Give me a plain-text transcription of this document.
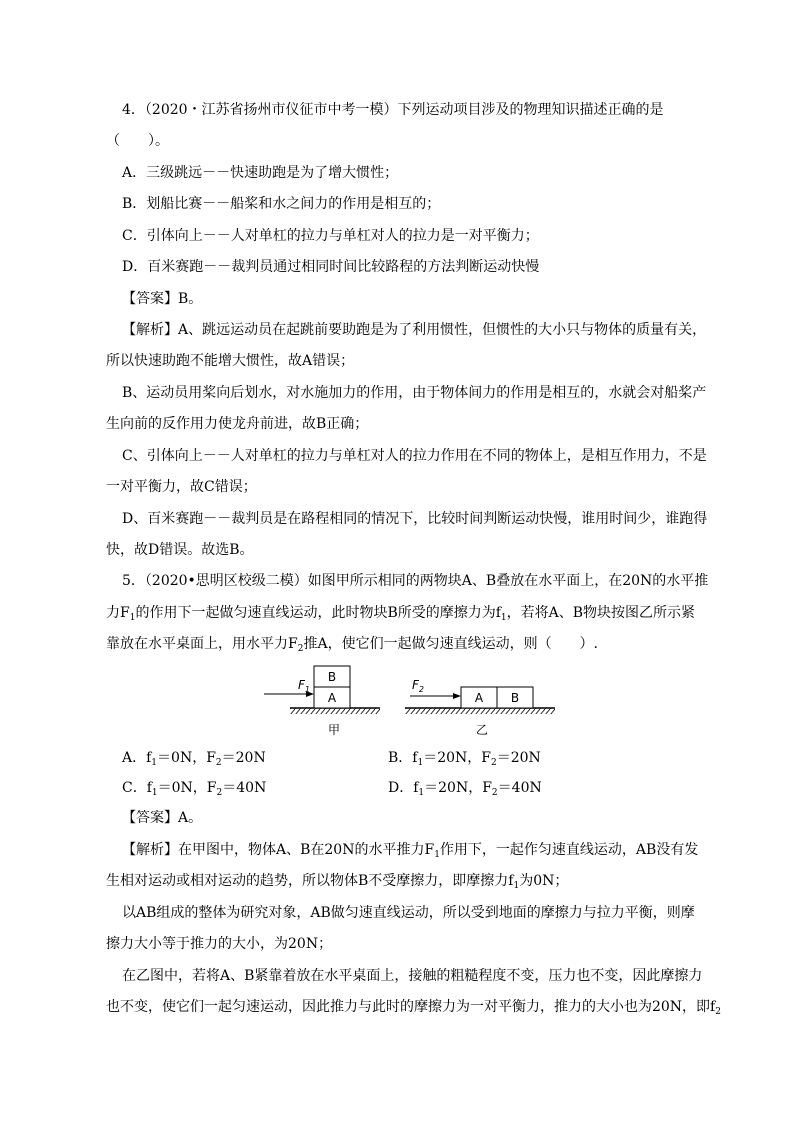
4．（2020・江苏省扬州市仪征市中考一模）下列运动项目涉及的物理知识描述正确的是
（　　）。
A．三级跳远－－快速助跑是为了增大惯性；
B．划船比赛－－船桨和水之间力的作用是相互的；
C．引体向上－－人对单杠的拉力与单杠对人的拉力是一对平衡力；
D．百米赛跑－－裁判员通过相同时间比较路程的方法判断运动快慢
【答案】B。
【解析】A、跳远运动员在起跳前要助跑是为了利用惯性，但惯性的大小只与物体的质量有关，
所以快速助跑不能增大惯性，故A错误；
B、运动员用桨向后划水，对水施加力的作用，由于物体间力的作用是相互的，水就会对船桨产
生向前的反作用力使龙舟前进，故B正确；
C、引体向上－－人对单杠的拉力与单杠对人的拉力作用在不同的物体上，是相互作用力，不是
一对平衡力，故C错误；
D、百米赛跑－－裁判员是在路程相同的情况下，比较时间判断运动快慢，谁用时间少，谁跑得
快，故D错误。故选B。
5．（2020•思明区校级二模）如图甲所示相同的两物块A、B叠放在水平面上，在20N的水平推
力$F_1$的作用下一起做匀速直线运动，此时物块B所受的摩擦力为$f_1$，若将A、B物块按图乙所示紧
靠放在水平桌面上，用水平力$F_2$推A，使它们一起做匀速直线运动，则（　　）.
A
B
$F_1$
甲
A B
$F_2$
乙
A．$f_1=0N$，$F_2=20N$	B．$f_1=20N$，$F_2=20N$
C．$f_1=0N$，$F_2=40N$	D．$f_1=20N$，$F_2=40N$
【答案】A。
【解析】在甲图中，物体A、B在20N的水平推力$F_1$作用下，一起作匀速直线运动，AB没有发
生相对运动或相对运动的趋势，所以物体B不受摩擦力，即摩擦力$f_1$为0N；
以AB组成的整体为研究对象，AB做匀速直线运动，所以受到地面的摩擦力与拉力平衡，则摩
擦力大小等于推力的大小，为20N；
在乙图中，若将A、B紧靠着放在水平桌面上，接触的粗糙程度不变，压力也不变，因此摩擦力
也不变，使它们一起匀速运动，因此推力与此时的摩擦力为一对平衡力，推力的大小也为20N，即$f_2$
